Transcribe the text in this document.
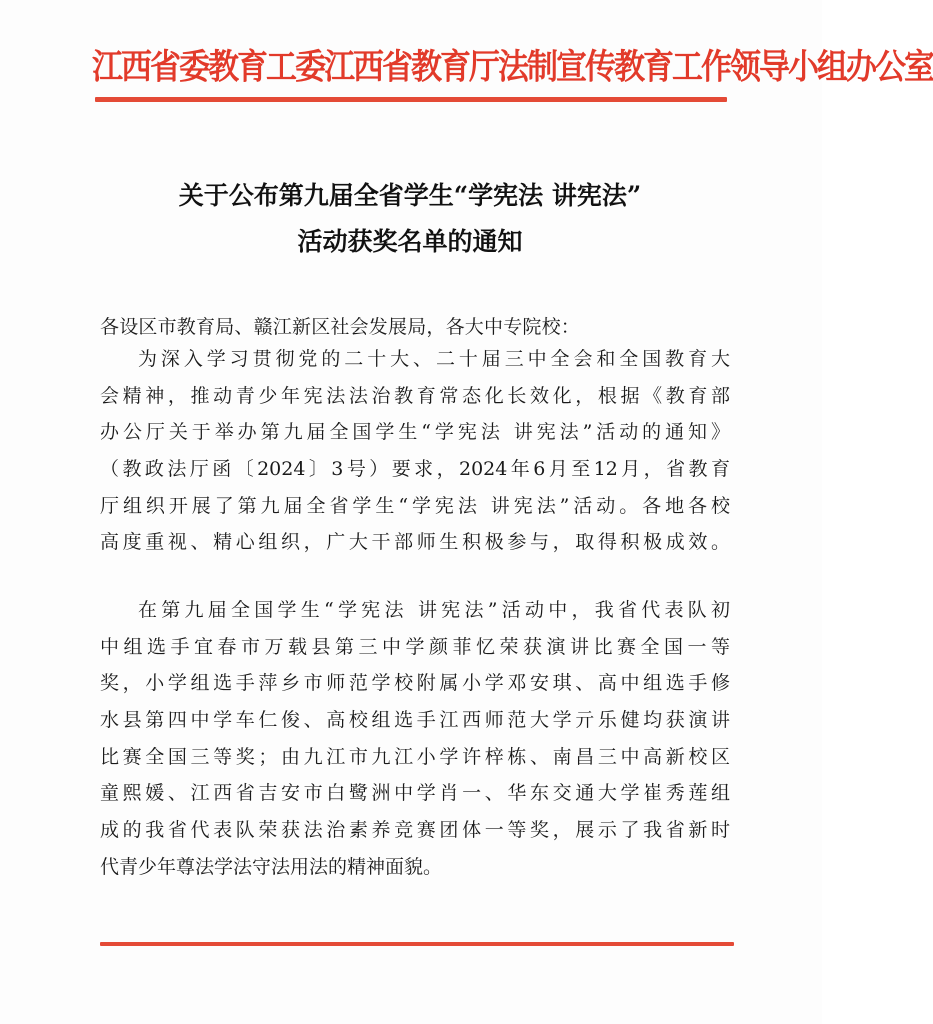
江西省委教育工委江西省教育厅法制宣传教育工作领导小组办公室
关于公布第九届全省学生“学宪法 讲宪法”
活动获奖名单的通知
各设区市教育局、赣江新区社会发展局，各大中专院校：
为深入学习贯彻党的二十大、二十届三中全会和全国教育大
会精神，推动青少年宪法法治教育常态化长效化，根据《教育部
办公厅关于举办第九届全国学生“学宪法 讲宪法”活动的通知》
（教政法厅函〔2024〕3号）要求，2024年6月至12月，省教育
厅组织开展了第九届全省学生“学宪法 讲宪法”活动。各地各校
高度重视、精心组织，广大干部师生积极参与，取得积极成效。
在第九届全国学生“学宪法 讲宪法”活动中，我省代表队初
中组选手宜春市万载县第三中学颜菲忆荣获演讲比赛全国一等
奖，小学组选手萍乡市师范学校附属小学邓安琪、高中组选手修
水县第四中学车仁俊、高校组选手江西师范大学亓乐健均获演讲
比赛全国三等奖；由九江市九江小学许梓栋、南昌三中高新校区
童熙媛、江西省吉安市白鹭洲中学肖一、华东交通大学崔秀莲组
成的我省代表队荣获法治素养竞赛团体一等奖，展示了我省新时
代青少年尊法学法守法用法的精神面貌。
